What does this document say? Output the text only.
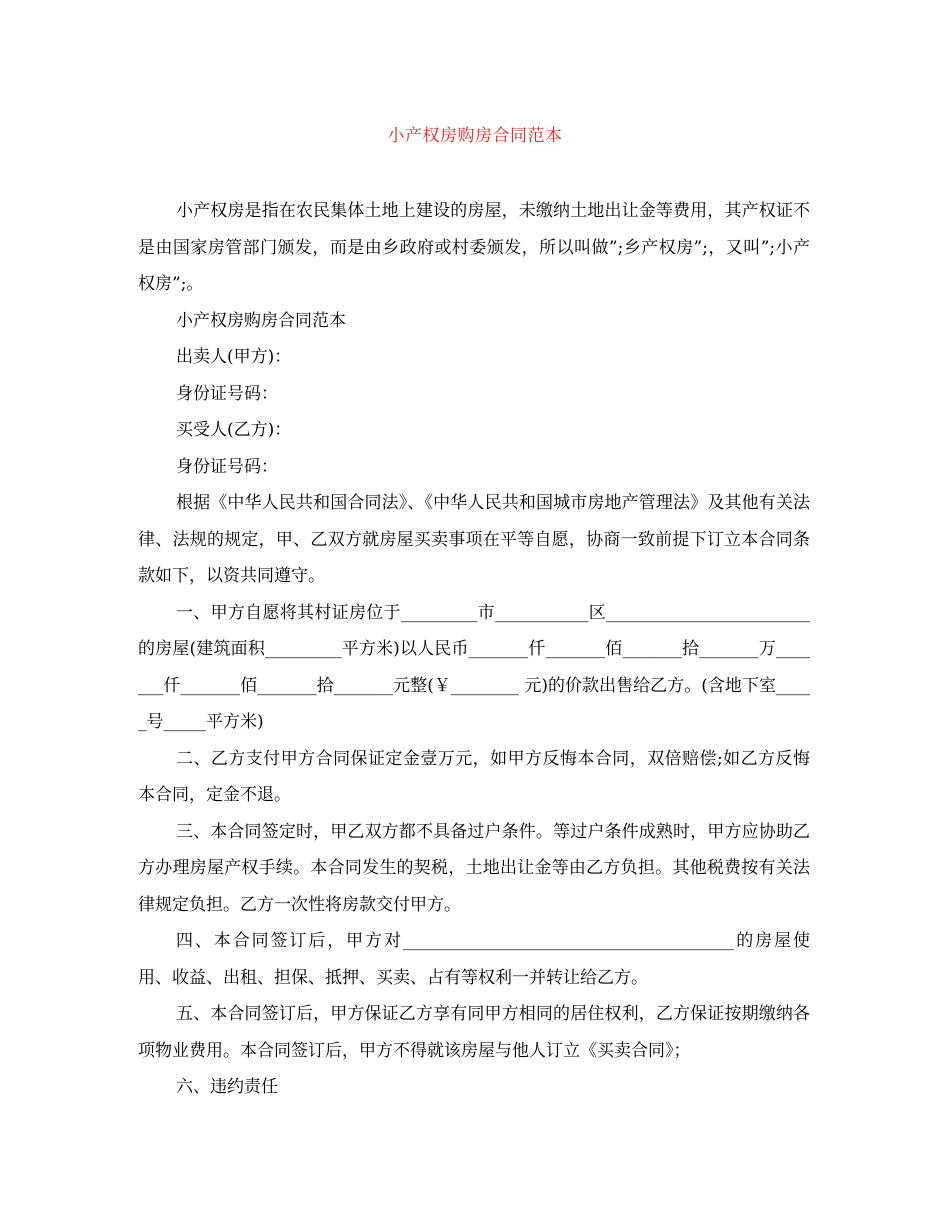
小产权房购房合同范本

小产权房是指在农民集体土地上建设的房屋，未缴纳土地出让金等费用，其产权证不是由国家房管部门颁发，而是由乡政府或村委颁发，所以叫做”;乡产权房”;，又叫”;小产权房”;。

小产权房购房合同范本

出卖人(甲方)：

身份证号码：

买受人(乙方)：

身份证号码：

根据《中华人民共和国合同法》、《中华人民共和国城市房地产管理法》及其他有关法 律、法规的规定，甲、乙双方就房屋买卖事项在平等自愿，协商一致前提下订立本合同条款如下，以资共同遵守。

一、甲方自愿将其村证房位于_________市___________区________________________的房屋(建筑面积_________平方米)以人民币_______仟_______佰_______拾_______万_______仟_______佰_______拾_______元整(￥________ 元)的价款出售给乙方。(含地下室_____号_____平方米)

二、乙方支付甲方合同保证定金壹万元，如甲方反悔本合同，双倍赔偿;如乙方反悔本合同，定金不退。

三、本合同签定时，甲乙双方都不具备过户条件。等过户条件成熟时，甲方应协助乙方办理房屋产权手续。本合同发生的契税，土地出让金等由乙方负担。其他税费按有关法律规定负担。乙方一次性将房款交付甲方。

四、本合同签订后，甲方对_______________________________________的房屋使用、收益、出租、担保、抵押、买卖、占有等权利一并转让给乙方。

五、本合同签订后，甲方保证乙方享有同甲方相同的居住权利，乙方保证按期缴纳各项物业费用。本合同签订后，甲方不得就该房屋与他人订立《买卖合同》；

六、违约责任
